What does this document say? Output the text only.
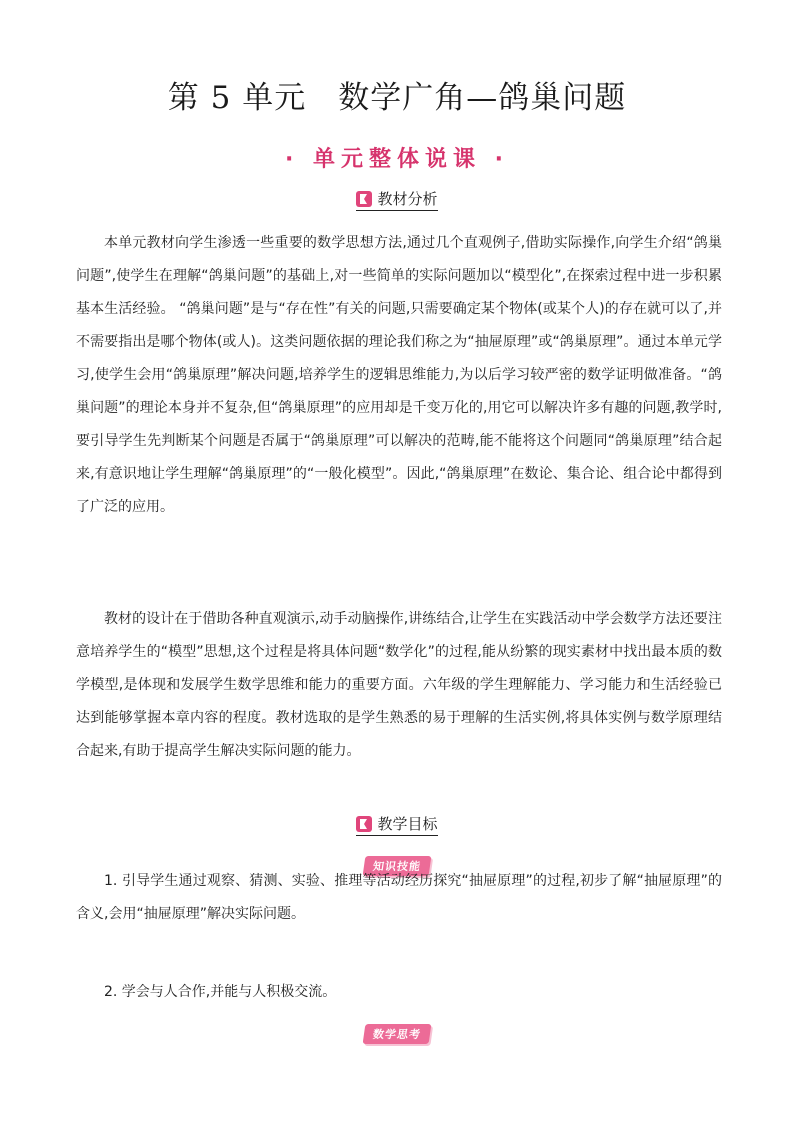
第 5 单元　数学广角—鸽巢问题
· 单元整体说课 ·
教材分析

本单元教材向学生渗透一些重要的数学思想方法,通过几个直观例子,借助实际操作,向学生介绍“鸽巢问题”,使学生在理解“鸽巢问题”的基础上,对一些简单的实际问题加以“模型化”,在探索过程中进一步积累基本生活经验。 “鸽巢问题”是与“存在性”有关的问题,只需要确定某个物体(或某个人)的存在就可以了,并不需要指出是哪个物体(或人)。这类问题依据的理论我们称之为“抽屉原理”或“鸽巢原理”。通过本单元学习,使学生会用“鸽巢原理”解决问题,培养学生的逻辑思维能力,为以后学习较严密的数学证明做准备。“鸽巢问题”的理论本身并不复杂,但“鸽巢原理”的应用却是千变万化的,用它可以解决许多有趣的问题,教学时,要引导学生先判断某个问题是否属于“鸽巢原理”可以解决的范畴,能不能将这个问题同“鸽巢原理”结合起来,有意识地让学生理解“鸽巢原理”的“一般化模型”。因此,“鸽巢原理”在数论、集合论、组合论中都得到了广泛的应用。

教材的设计在于借助各种直观演示,动手动脑操作,讲练结合,让学生在实践活动中学会数学方法还要注意培养学生的“模型”思想,这个过程是将具体问题“数学化”的过程,能从纷繁的现实素材中找出最本质的数学模型,是体现和发展学生数学思维和能力的重要方面。六年级的学生理解能力、学习能力和生活经验已达到能够掌握本章内容的程度。教材选取的是学生熟悉的易于理解的生活实例,将具体实例与数学原理结合起来,有助于提高学生解决实际问题的能力。

教学目标
知识技能

1. 引导学生通过观察、猜测、实验、推理等活动经历探究“抽屉原理”的过程,初步了解“抽屉原理”的含义,会用“抽屉原理”解决实际问题。

2. 学会与人合作,并能与人积极交流。

数学思考
